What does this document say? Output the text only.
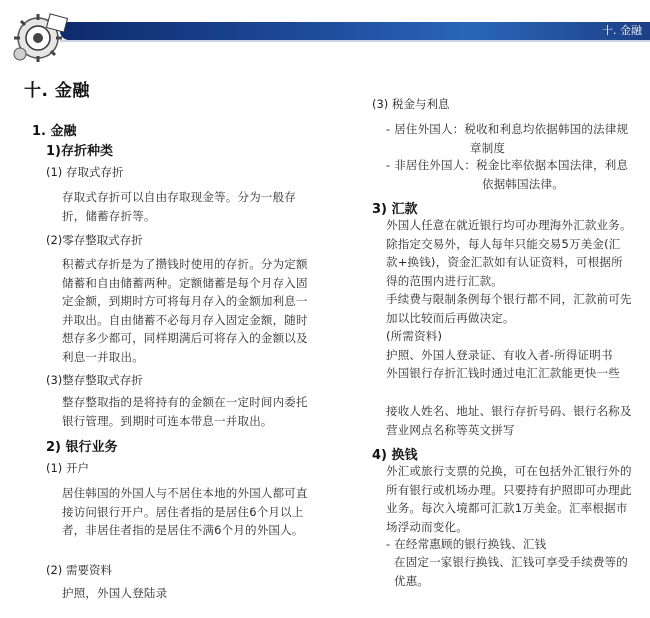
十. 金融
十. 金融
1. 金融
1)存折种类
(1) 存取式存折
存取式存折可以自由存取现金等。分为一般存折，储蓄存折等。
(2)零存整取式存折
积蓄式存折是为了攒钱时使用的存折。分为定额储蓄和自由储蓄两种。定额储蓄是每个月存入固定金额，到期时方可将每月存入的金额加利息一并取出。自由储蓄不必每月存入固定金额，随时想存多少都可，同样期满后可将存入的金额以及利息一并取出。
(3)整存整取式存折
整存整取指的是将持有的金额在一定时间内委托银行管理。到期时可连本带息一并取出。
2) 银行业务
(1) 开户
居住韩国的外国人与不居住本地的外国人都可直接访问银行开户。居住者指的是居住6个月以上者，非居住者指的是居住不满6个月的外国人。
(2) 需要资料
护照，外国人登陆录
(3) 税金与利息
- 居住外国人：税收和利息均依据韩国的法律规章制度
- 非居住外国人：税金比率依据本国法律，利息依据韩国法律。
3) 汇款
外国人任意在就近银行均可办理海外汇款业务。除指定交易外，每人每年只能交易5万美金(汇款+换钱)，资金汇款如有认证资料，可根据所得的范围内进行汇款。
手续费与限制条例每个银行都不同，汇款前可先加以比较而后再做决定。
(所需资料)
护照、外国人登录证、有收入者-所得证明书
外国银行存折汇钱时通过电汇汇款能更快一些
接收人姓名、地址、银行存折号码、银行名称及营业网点名称等英文拼写
4) 换钱
外汇或旅行支票的兑换，可在包括外汇银行外的所有银行或机场办理。只要持有护照即可办理此业务。每次入境都可汇款1万美金。汇率根据市场浮动而变化。
- 在经常惠顾的银行换钱、汇钱
在固定一家银行换钱、汇钱可享受手续费等的优惠。
